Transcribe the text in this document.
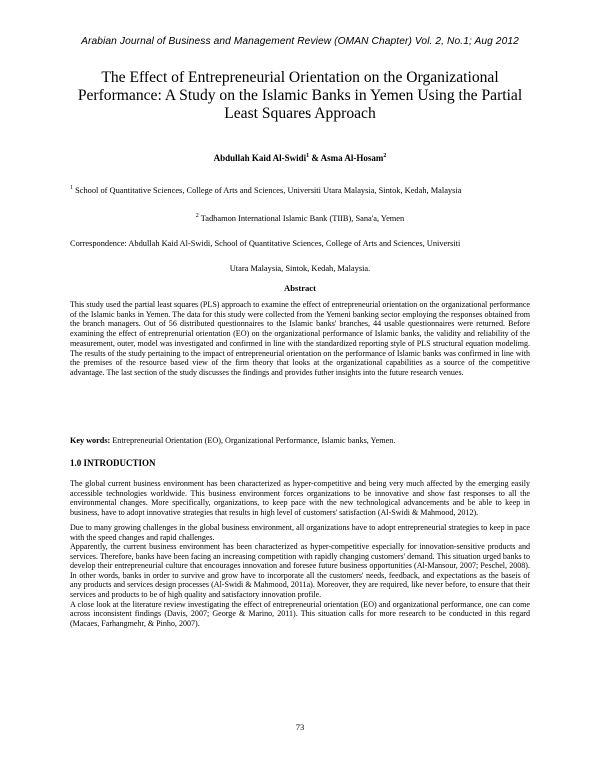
Arabian Journal of Business and Management Review (OMAN Chapter) Vol. 2, No.1; Aug 2012
The Effect of Entrepreneurial Orientation on the Organizational Performance: A Study on the Islamic Banks in Yemen Using the Partial Least Squares Approach
Abdullah Kaid Al-Swidi$^1$ & Asma Al-Hosam$^2$
$^1$ School of Quantitative Sciences, College of Arts and Sciences, Universiti Utara Malaysia, Sintok, Kedah, Malaysia
$^2$ Tadhamon International Islamic Bank (TIIB), Sana'a, Yemen
Correspondence: Abdullah Kaid Al-Swidi, School of Quantitative Sciences, College of Arts and Sciences, Universiti
Utara Malaysia, Sintok, Kedah, Malaysia.
Abstract
This study used the partial least squares (PLS) approach to examine the effect of entrepreneurial orientation on the organizational performance of the Islamic banks in Yemen. The data for this study were collected from the Yemeni banking sector employing the responses obtained from the branch managers. Out of 56 distributed questionnaires to the Islamic banks' branches, 44 usable questionnaires were returned. Before examining the effect of entreprenurial orientation (EO) on the organizational performance of Islamic banks, the validity and reliability of the measurement, outer, model was investigated and confirmed in line with the standardized reporting style of PLS structural equation modelimg. The results of the study pertaining to the impact of entrepreneurial orientation on the performance of Islamic banks was confirmed in line with the premises of the resource based view of the firm theory that looks at the organizational capabilities as a source of the competitive advantage. The last section of the study discusses the findings and provides futher insights into the future research venues.
Key words: Entrepreneurial Orientation (EO), Organizational Performance, Islamic banks, Yemen.
1.0 INTRODUCTION

The global current business environment has been characterized as hyper-competitive and being very much affected by the emerging easily accessible technologies worldwide. This business environment forces organizations to be innovative and show fast responses to all the environmental changes. More specifically, organizations, to keep pace with the new technological advancements and be able to keep in business, have to adopt innovative strategies that results in high level of customers' satisfaction (Al-Swidi & Mahmood, 2012).

Due to many growing challenges in the global business environment, all organizations have to adopt entrepreneurial strategies to keep in pace with the speed changes and rapid challenges.

Apparently, the current business environment has been characterized as hyper-competitive especially for innovation-sensitive products and services. Therefore, banks have been facing an increasing competition with rapidly changing customers' demand. This situation urged banks to develop their entrepreneurial culture that encourages innovation and foresee future business opportunities (Al-Mansour, 2007; Peschel, 2008). In other words, banks in order to survive and grow have to incorporate all the customers' needs, feedback, and expectations as the baseis of any products and services design processes (Al-Swidi & Mahmood, 2011a). Moreover, they are required, like never before, to ensure that their services and products to be of high quality and satisfactory innovation profile.

A close look at the literature review investigating the effect of entrepreneurial orientation (EO) and organizational performance, one can come across inconsistent findings (Davis, 2007; George & Marino, 2011). This situation calls for more research to be conducted in this regard (Macaes, Farhangmehr, & Pinho, 2007).

73
